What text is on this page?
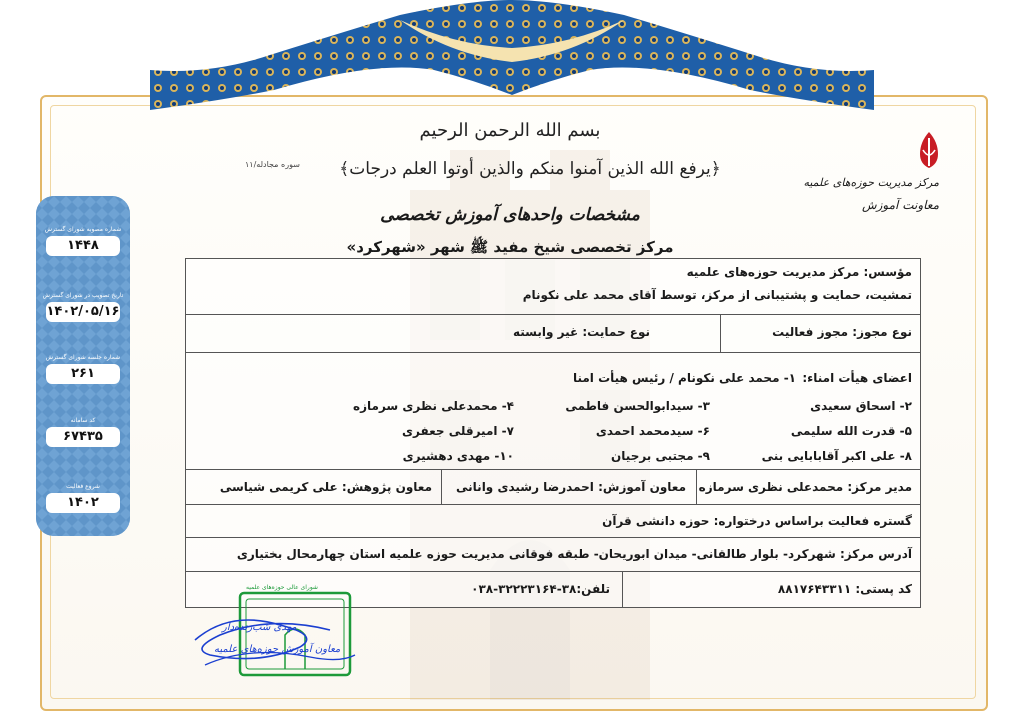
بسم الله الرحمن الرحیم
سوره مجادله/۱۱	﴿یرفع الله الذین آمنوا منکم والذین أوتوا العلم درجات﴾
مشخصات واحدهای آموزش تخصصی
مرکز تخصصی شیخ مفید ﷺ شهر «شهرکرد»
مرکز مدیریت حوزه‌های علمیه
معاونت آموزش
شماره مصوبه شورای گسترش
۱۴۴۸
تاریخ تصویب در شورای گسترش
۱۴۰۲/۰۵/۱۶
شماره جلسه شورای گسترش
۲۶۱
کد سامانه
۶۷۴۳۵
شروع فعالیت
۱۴۰۲
مؤسس: مرکز مدیریت حوزه‌های علمیه
تمشیت، حمایت و پشتیبانی از مرکز، توسط آقای محمد علی نکونام
نوع مجوز: مجوز فعالیت
نوع حمایت: غیر وابسته
اعضای هیأت امناء:
۱- محمد علی نکونام / رئیس هیأت امنا
۲- اسحاق سعیدی
۳- سیدابوالحسن فاطمی
۴- محمدعلی نظری سرمازه
۵- قدرت الله سلیمی
۶- سیدمحمد احمدی
۷- امیرقلی جعفری
۸- علی اکبر آقابابایی بنی
۹- مجتبی برجیان
۱۰- مهدی دهشیری
مدیر مرکز: محمدعلی نظری سرمازه
معاون آموزش: احمدرضا رشیدی وانانی
معاون پژوهش: علی کریمی شیاسی
گستره فعالیت براساس درختواره: حوزه دانشی قرآن
آدرس مرکز: شهرکرد- بلوار طالقانی- میدان ابوریحان- طبقه فوقانی مدیریت حوزه علمیه استان چهارمحال بختیاری
کد پستی: ۸۸۱۷۶۴۳۳۱۱
تلفن:۳۸-۳۲۲۲۳۱۶۴-۰۳۸
شورای عالی حوزه‌های علمیه
مهدی شب‌زنده‌دار
معاون آموزش حوزه‌های علمیه
